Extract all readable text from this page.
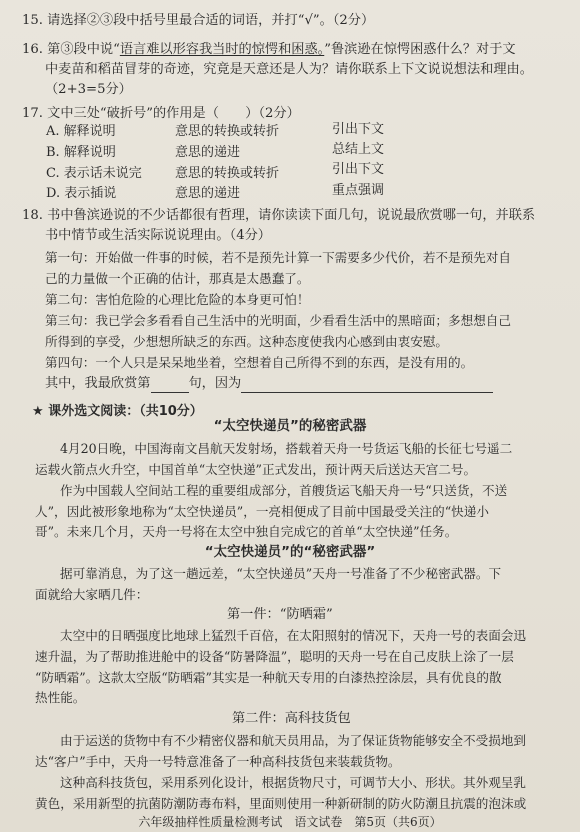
15. 请选择②③段中括号里最合适的词语，并打“√”。（2分）
16. 第③段中说“语言难以形容我当时的惊愕和困惑。”鲁滨逊在惊愕困惑什么？对于文
中麦苗和稻苗冒芽的奇迹，究竟是天意还是人为？请你联系上下文说说想法和理由。
（2+3=5分）
17. 文中三处“破折号”的作用是（　　）（2分）
A. 解释说明	意思的转换或转折	引出下文
B. 解释说明	意思的递进	总结上文
C. 表示话未说完	意思的转换或转折	引出下文
D. 表示插说	意思的递进	重点强调
18. 书中鲁滨逊说的不少话都很有哲理，请你读读下面几句，说说最欣赏哪一句，并联系
书中情节或生活实际说说理由。（4分）
第一句：开始做一件事的时候，若不是预先计算一下需要多少代价，若不是预先对自
己的力量做一个正确的估计，那真是太愚蠢了。
第二句：害怕危险的心理比危险的本身更可怕！
第三句：我已学会多看看自己生活中的光明面，少看看生活中的黑暗面；多想想自己
所得到的享受，少想想所缺乏的东西。这种态度使我内心感到由衷安慰。
第四句：一个人只是呆呆地坐着，空想着自己所得不到的东西，是没有用的。
其中，我最欣赏第	句，因为
★ 课外选文阅读：（共10分）
“太空快递员”的秘密武器
4月20日晚，中国海南文昌航天发射场，搭载着天舟一号货运飞船的长征七号遥二
运载火箭点火升空，中国首单“太空快递”正式发出，预计两天后送达天宫二号。
作为中国载人空间站工程的重要组成部分，首艘货运飞船天舟一号“只送货，不送
人”，因此被形象地称为“太空快递员”，一亮相便成了目前中国最受关注的“快递小
哥”。未来几个月，天舟一号将在太空中独自完成它的首单“太空快递”任务。
“太空快递员”的“秘密武器”
据可靠消息，为了这一趟远差，“太空快递员”天舟一号准备了不少秘密武器。下
面就给大家晒几件：
第一件：“防晒霜”
太空中的日晒强度比地球上猛烈千百倍，在太阳照射的情况下，天舟一号的表面会迅
速升温，为了帮助推进舱中的设备“防暑降温”，聪明的天舟一号在自己皮肤上涂了一层
“防晒霜”。这款太空版“防晒霜”其实是一种航天专用的白漆热控涂层，具有优良的散
热性能。
第二件：高科技货包
由于运送的货物中有不少精密仪器和航天员用品，为了保证货物能够安全不受损地到
达“客户”手中，天舟一号特意准备了一种高科技货包来装载货物。
这种高科技货包，采用系列化设计，根据货物尺寸，可调节大小、形状。其外观呈乳
黄色，采用新型的抗菌防潮防毒布料，里面则使用一种新研制的防火防潮且抗震的泡沫或
六年级抽样性质量检测考试　语文试卷　第5页（共6页）
